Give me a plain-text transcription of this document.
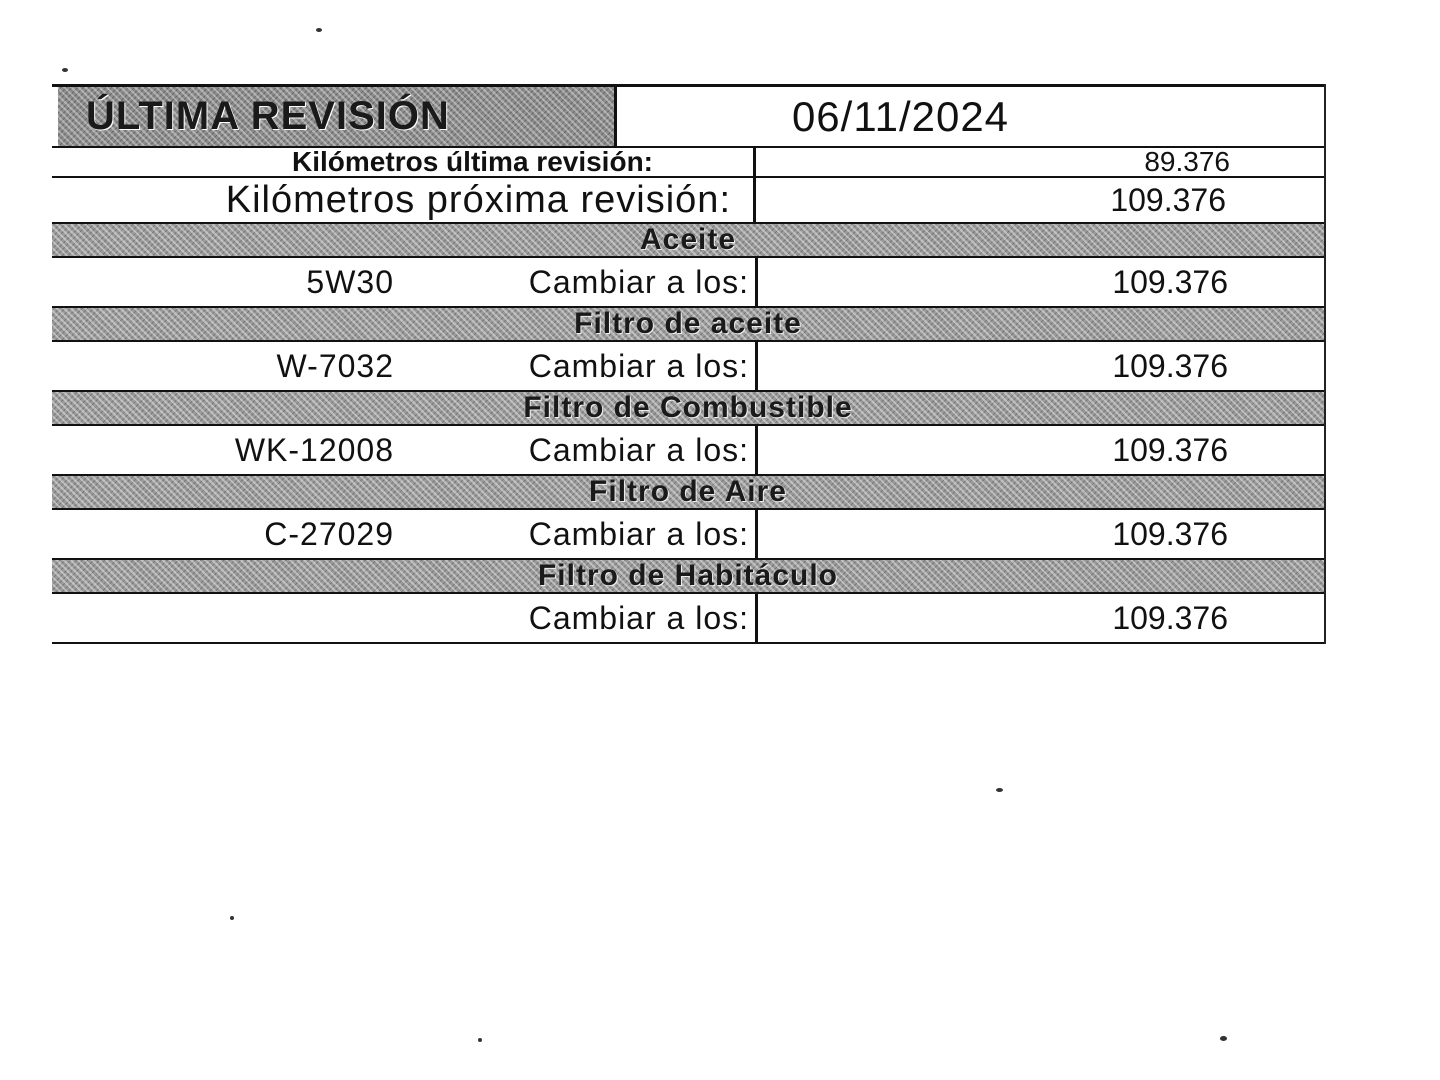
ÚLTIMA REVISIÓN	06/11/2024
Kilómetros última revisión:	89.376
Kilómetros próxima revisión:	109.376
Aceite
5W30	Cambiar a los:	109.376
Filtro de aceite
W-7032	Cambiar a los:	109.376
Filtro de Combustible
WK-12008	Cambiar a los:	109.376
Filtro de Aire
C-27029	Cambiar a los:	109.376
Filtro de Habitáculo
Cambiar a los:	109.376
